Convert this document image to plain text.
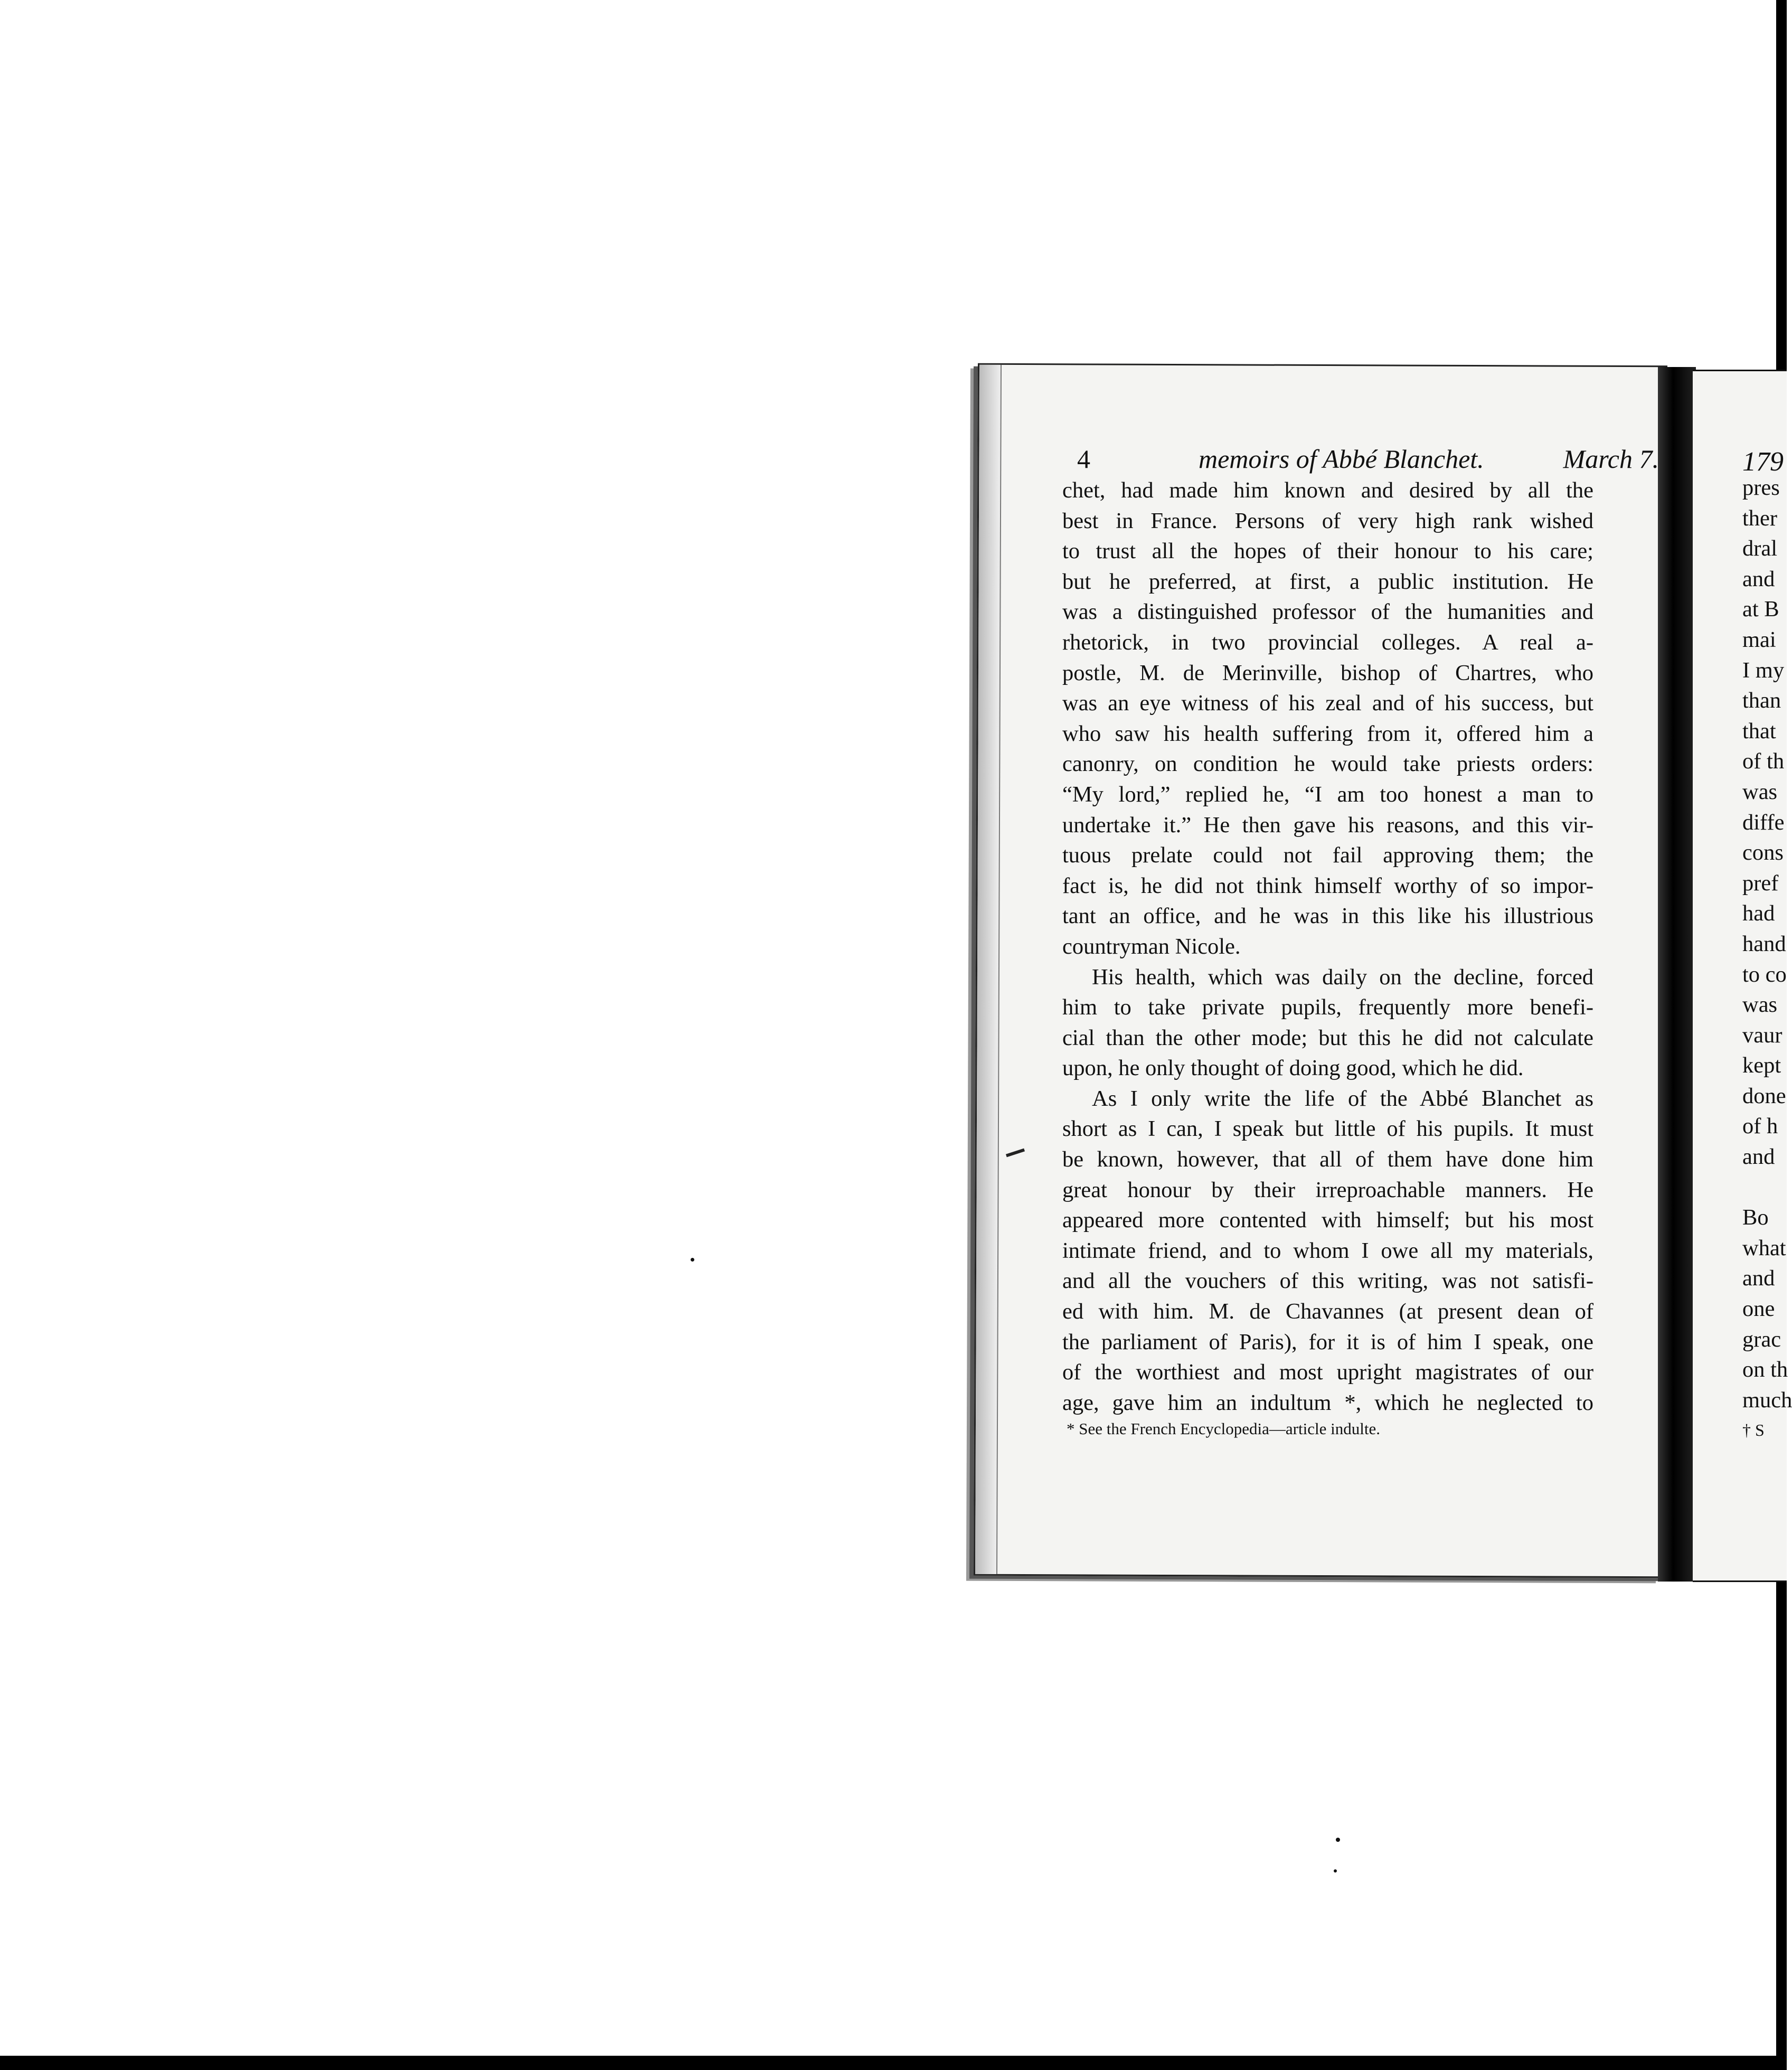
4	memoirs of Abbé Blanchet.	March 7.
chet, had made him known and desired by all the
best in France. Persons of very high rank wished
to trust all the hopes of their honour to his care;
but he preferred, at first, a public institution. He
was a distinguished professor of the humanities and
rhetorick, in two provincial colleges. A real a-
postle, M. de Merinville, bishop of Chartres, who
was an eye witness of his zeal and of his success, but
who saw his health suffering from it, offered him a
canonry, on condition he would take priests orders:
“My lord,” replied he, “I am too honest a man to
undertake it.” He then gave his reasons, and this vir-
tuous prelate could not fail approving them; the
fact is, he did not think himself worthy of so impor-
tant an office, and he was in this like his illustrious
countryman Nicole.
His health, which was daily on the decline, forced
him to take private pupils, frequently more benefi-
cial than the other mode; but this he did not calculate
upon, he only thought of doing good, which he did.
As I only write the life of the Abbé Blanchet as
short as I can, I speak but little of his pupils. It must
be known, however, that all of them have done him
great honour by their irreproachable manners. He
appeared more contented with himself; but his most
intimate friend, and to whom I owe all my materials,
and all the vouchers of this writing, was not satisfi-
ed with him. M. de Chavannes (at present dean of
the parliament of Paris), for it is of him I speak, one
of the worthiest and most upright magistrates of our
age, gave him an indultum *, which he neglected to
* See the French Encyclopedia—article indulte.
179
pres
ther
dral
and
at B
mai
I my
than
that
of th
was
diffe
cons
pref
had
hand
to co
was
vaur
kept
done
of h
and
Bo
what
and
one
grac
on th
much
† S
